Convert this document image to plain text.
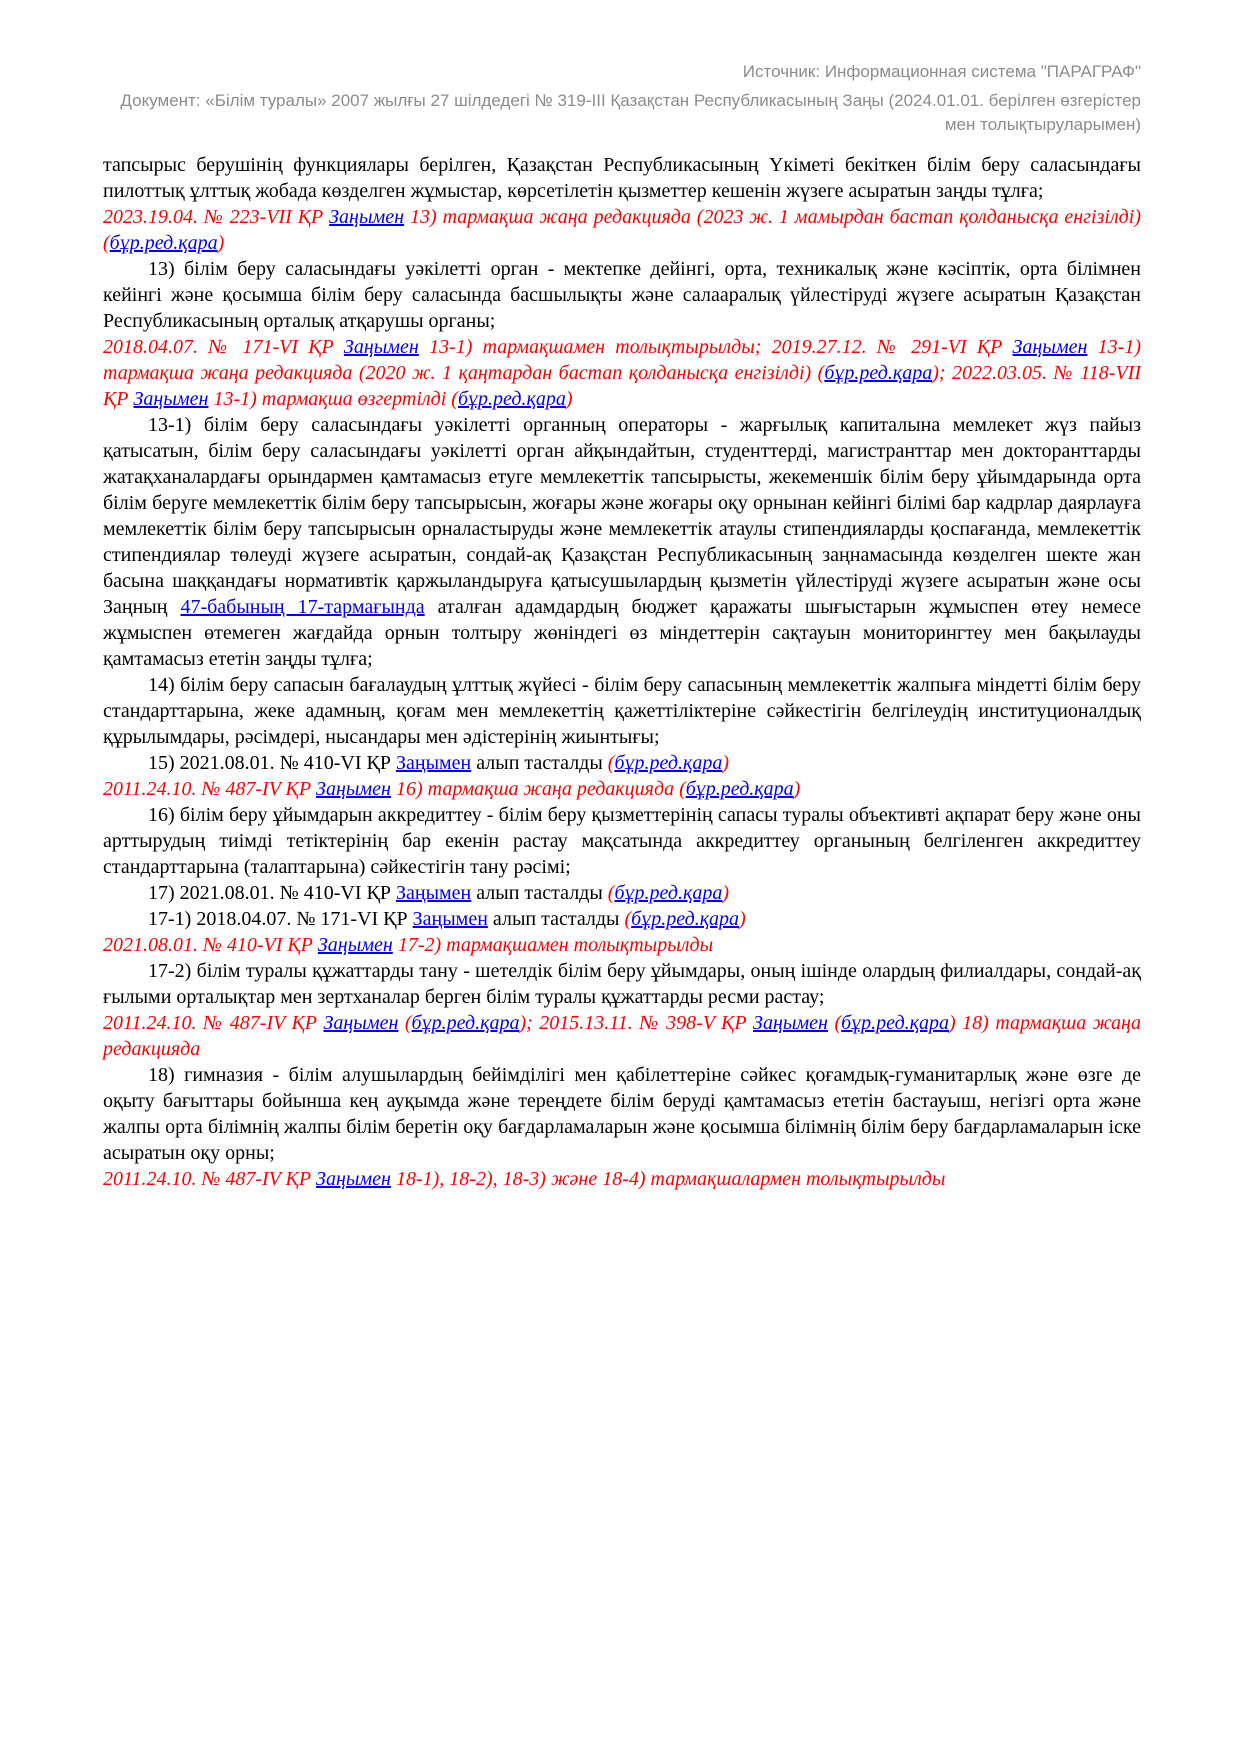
Источник: Информационная система "ПАРАГРАФ"
Документ: «Білім туралы» 2007 жылғы 27 шілдедегі № 319-III Қазақстан Республикасының Заңы (2024.01.01. берілген өзгерістер мен толықтыруларымен)

тапсырыс берушінің функциялары берілген, Қазақстан Республикасының Үкіметі бекіткен білім беру саласындағы пилоттық ұлттық жобада көзделген жұмыстар, көрсетілетін қызметтер кешенін жүзеге асыратын заңды тұлға;

2023.19.04. № 223-VII ҚР Заңымен 13) тармақша жаңа редакцияда (2023 ж. 1 мамырдан бастап қолданысқа енгізілді) (бұр.ред.қара)

13) білім беру саласындағы уәкілетті орган - мектепке дейінгі, орта, техникалық және кәсіптік, орта білімнен кейінгі және қосымша білім беру саласында басшылықты және салааралық үйлестіруді жүзеге асыратын Қазақстан Республикасының орталық атқарушы органы;

2018.04.07. № 171-VI ҚР Заңымен 13-1) тармақшамен толықтырылды; 2019.27.12. № 291-VI ҚР Заңымен 13-1) тармақша жаңа редакцияда (2020 ж. 1 қаңтардан бастап қолданысқа енгізілді) (бұр.ред.қара); 2022.03.05. № 118-VII ҚР Заңымен 13-1) тармақша өзгертілді (бұр.ред.қара)

13-1) білім беру саласындағы уәкілетті органның операторы - жарғылық капиталына мемлекет жүз пайыз қатысатын, білім беру саласындағы уәкілетті орган айқындайтын, студенттерді, магистранттар мен докторанттарды жатақханалардағы орындармен қамтамасыз етуге мемлекеттік тапсырысты, жекеменшік білім беру ұйымдарында орта білім беруге мемлекеттік білім беру тапсырысын, жоғары және жоғары оқу орнынан кейінгі білімі бар кадрлар даярлауға мемлекеттік білім беру тапсырысын орналастыруды және мемлекеттік атаулы стипендияларды қоспағанда, мемлекеттік стипендиялар төлеуді жүзеге асыратын, сондай-ақ Қазақстан Республикасының заңнамасында көзделген шекте жан басына шаққандағы нормативтік қаржыландыруға қатысушылардың қызметін үйлестіруді жүзеге асыратын және осы Заңның 47-бабының 17-тармағында аталған адамдардың бюджет қаражаты шығыстарын жұмыспен өтеу немесе жұмыспен өтемеген жағдайда орнын толтыру жөніндегі өз міндеттерін сақтауын мониторингтеу мен бақылауды қамтамасыз ететін заңды тұлға;

14) білім беру сапасын бағалаудың ұлттық жүйесі - білім беру сапасының мемлекеттік жалпыға міндетті білім беру стандарттарына, жеке адамның, қоғам мен мемлекеттің қажеттіліктеріне сәйкестігін белгілеудің институционалдық құрылымдары, рәсімдері, нысандары мен әдістерінің жиынтығы;

15) 2021.08.01. № 410-VI ҚР Заңымен алып тасталды (бұр.ред.қара)

2011.24.10. № 487-IV ҚР Заңымен 16) тармақша жаңа редакцияда (бұр.ред.қара)

16) білім беру ұйымдарын аккредиттеу - білім беру қызметтерінің сапасы туралы объективті ақпарат беру және оны арттырудың тиімді тетіктерінің бар екенін растау мақсатында аккредиттеу органының белгіленген аккредиттеу стандарттарына (талаптарына) сәйкестігін тану рәсімі;

17) 2021.08.01. № 410-VI ҚР Заңымен алып тасталды (бұр.ред.қара)

17-1) 2018.04.07. № 171-VI ҚР Заңымен алып тасталды (бұр.ред.қара)

2021.08.01. № 410-VI ҚР Заңымен 17-2) тармақшамен толықтырылды

17-2) білім туралы құжаттарды тану - шетелдік білім беру ұйымдары, оның ішінде олардың филиалдары, сондай-ақ ғылыми орталықтар мен зертханалар берген білім туралы құжаттарды ресми растау;

2011.24.10. № 487-IV ҚР Заңымен (бұр.ред.қара); 2015.13.11. № 398-V ҚР Заңымен (бұр.ред.қара) 18) тармақша жаңа редакцияда

18) гимназия - білім алушылардың бейімділігі мен қабілеттеріне сәйкес қоғамдық-гуманитарлық және өзге де оқыту бағыттары бойынша кең ауқымда және тереңдете білім беруді қамтамасыз ететін бастауыш, негізгі орта және жалпы орта білімнің жалпы білім беретін оқу бағдарламаларын және қосымша білімнің білім беру бағдарламаларын іске асыратын оқу орны;

2011.24.10. № 487-IV ҚР Заңымен 18-1), 18-2), 18-3) және 18-4) тармақшалармен толықтырылды
